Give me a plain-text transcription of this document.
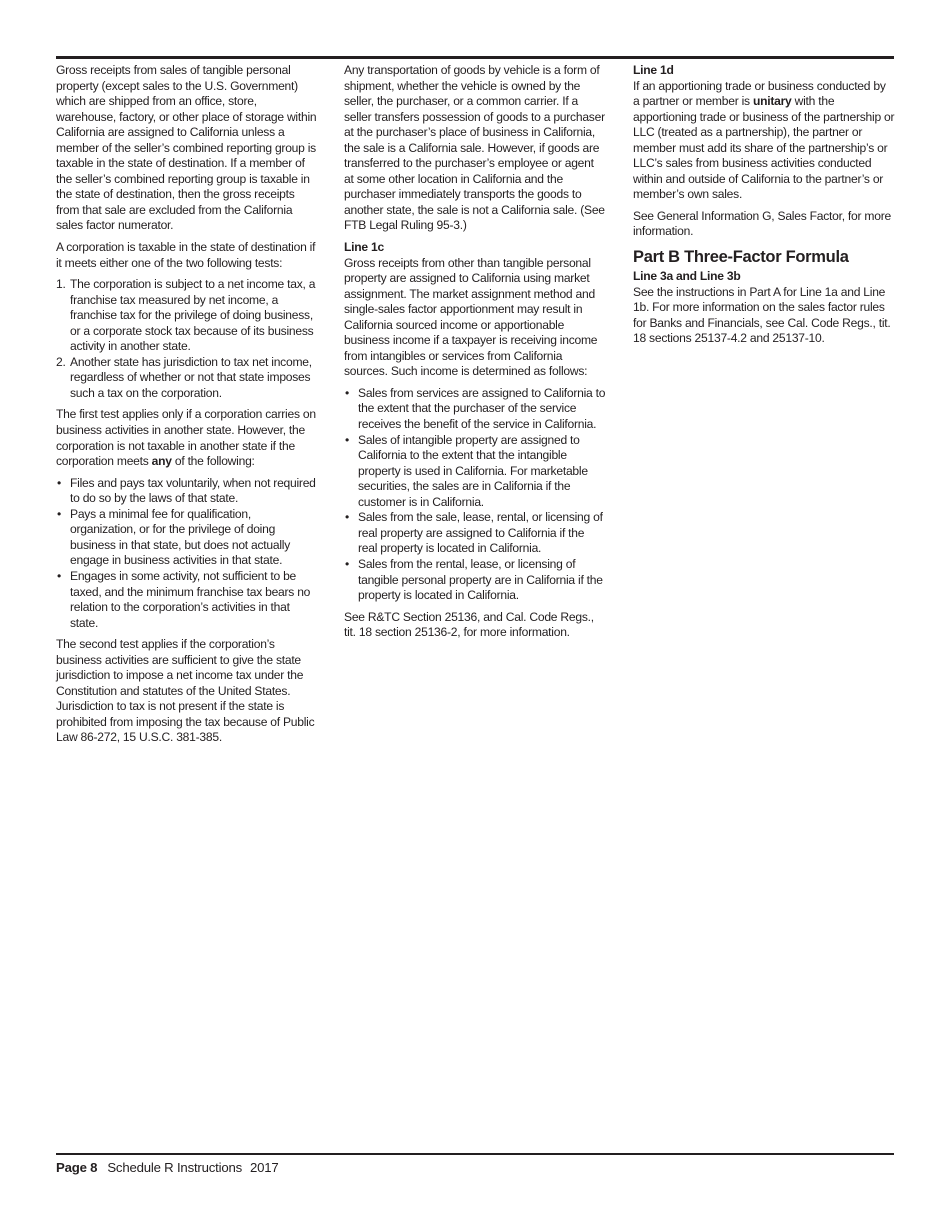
Gross receipts from sales of tangible personal property (except sales to the U.S. Government) which are shipped from an office, store, warehouse, factory, or other place of storage within California are assigned to California unless a member of the seller’s combined reporting group is taxable in the state of destination. If a member of the seller’s combined reporting group is taxable in the state of destination, then the gross receipts from that sale are excluded from the California sales factor numerator.

A corporation is taxable in the state of destination if it meets either one of the two following tests:

1. The corporation is subject to a net income tax, a franchise tax measured by net income, a franchise tax for the privilege of doing business, or a corporate stock tax because of its business activity in another state.
2. Another state has jurisdiction to tax net income, regardless of whether or not that state imposes such a tax on the corporation.

The first test applies only if a corporation carries on business activities in another state. However, the corporation is not taxable in another state if the corporation meets any of the following:

• Files and pays tax voluntarily, when not required to do so by the laws of that state.
• Pays a minimal fee for qualification, organization, or for the privilege of doing business in that state, but does not actually engage in business activities in that state.
• Engages in some activity, not sufficient to be taxed, and the minimum franchise tax bears no relation to the corporation’s activities in that state.

The second test applies if the corporation’s business activities are sufficient to give the state jurisdiction to impose a net income tax under the Constitution and statutes of the United States. Jurisdiction to tax is not present if the state is prohibited from imposing the tax because of Public Law 86-272, 15 U.S.C. 381-385.

Any transportation of goods by vehicle is a form of shipment, whether the vehicle is owned by the seller, the purchaser, or a common carrier. If a seller transfers possession of goods to a purchaser at the purchaser’s place of business in California, the sale is a California sale. However, if goods are transferred to the purchaser’s employee or agent at some other location in California and the purchaser immediately transports the goods to another state, the sale is not a California sale. (See FTB Legal Ruling 95-3.)

Line 1c

Gross receipts from other than tangible personal property are assigned to California using market assignment. The market assignment method and single-sales factor apportionment may result in California sourced income or apportionable business income if a taxpayer is receiving income from intangibles or services from California sources. Such income is determined as follows:

• Sales from services are assigned to California to the extent that the purchaser of the service receives the benefit of the service in California.
• Sales of intangible property are assigned to California to the extent that the intangible property is used in California. For marketable securities, the sales are in California if the customer is in California.
• Sales from the sale, lease, rental, or licensing of real property are assigned to California if the real property is located in California.
• Sales from the rental, lease, or licensing of tangible personal property are in California if the property is located in California.

See R&TC Section 25136, and Cal. Code Regs., tit. 18 section 25136-2, for more information.

Line 1d

If an apportioning trade or business conducted by a partner or member is unitary with the apportioning trade or business of the partnership or LLC (treated as a partnership), the partner or member must add its share of the partnership’s or LLC’s sales from business activities conducted within and outside of California to the partner’s or member’s own sales.

See General Information G, Sales Factor, for more information.

Part B Three-Factor Formula
Line 3a and Line 3b

See the instructions in Part A for Line 1a and Line 1b. For more information on the sales factor rules for Banks and Financials, see Cal. Code Regs., tit. 18 sections 25137-4.2 and 25137-10.

Page 8 Schedule R Instructions 2017
